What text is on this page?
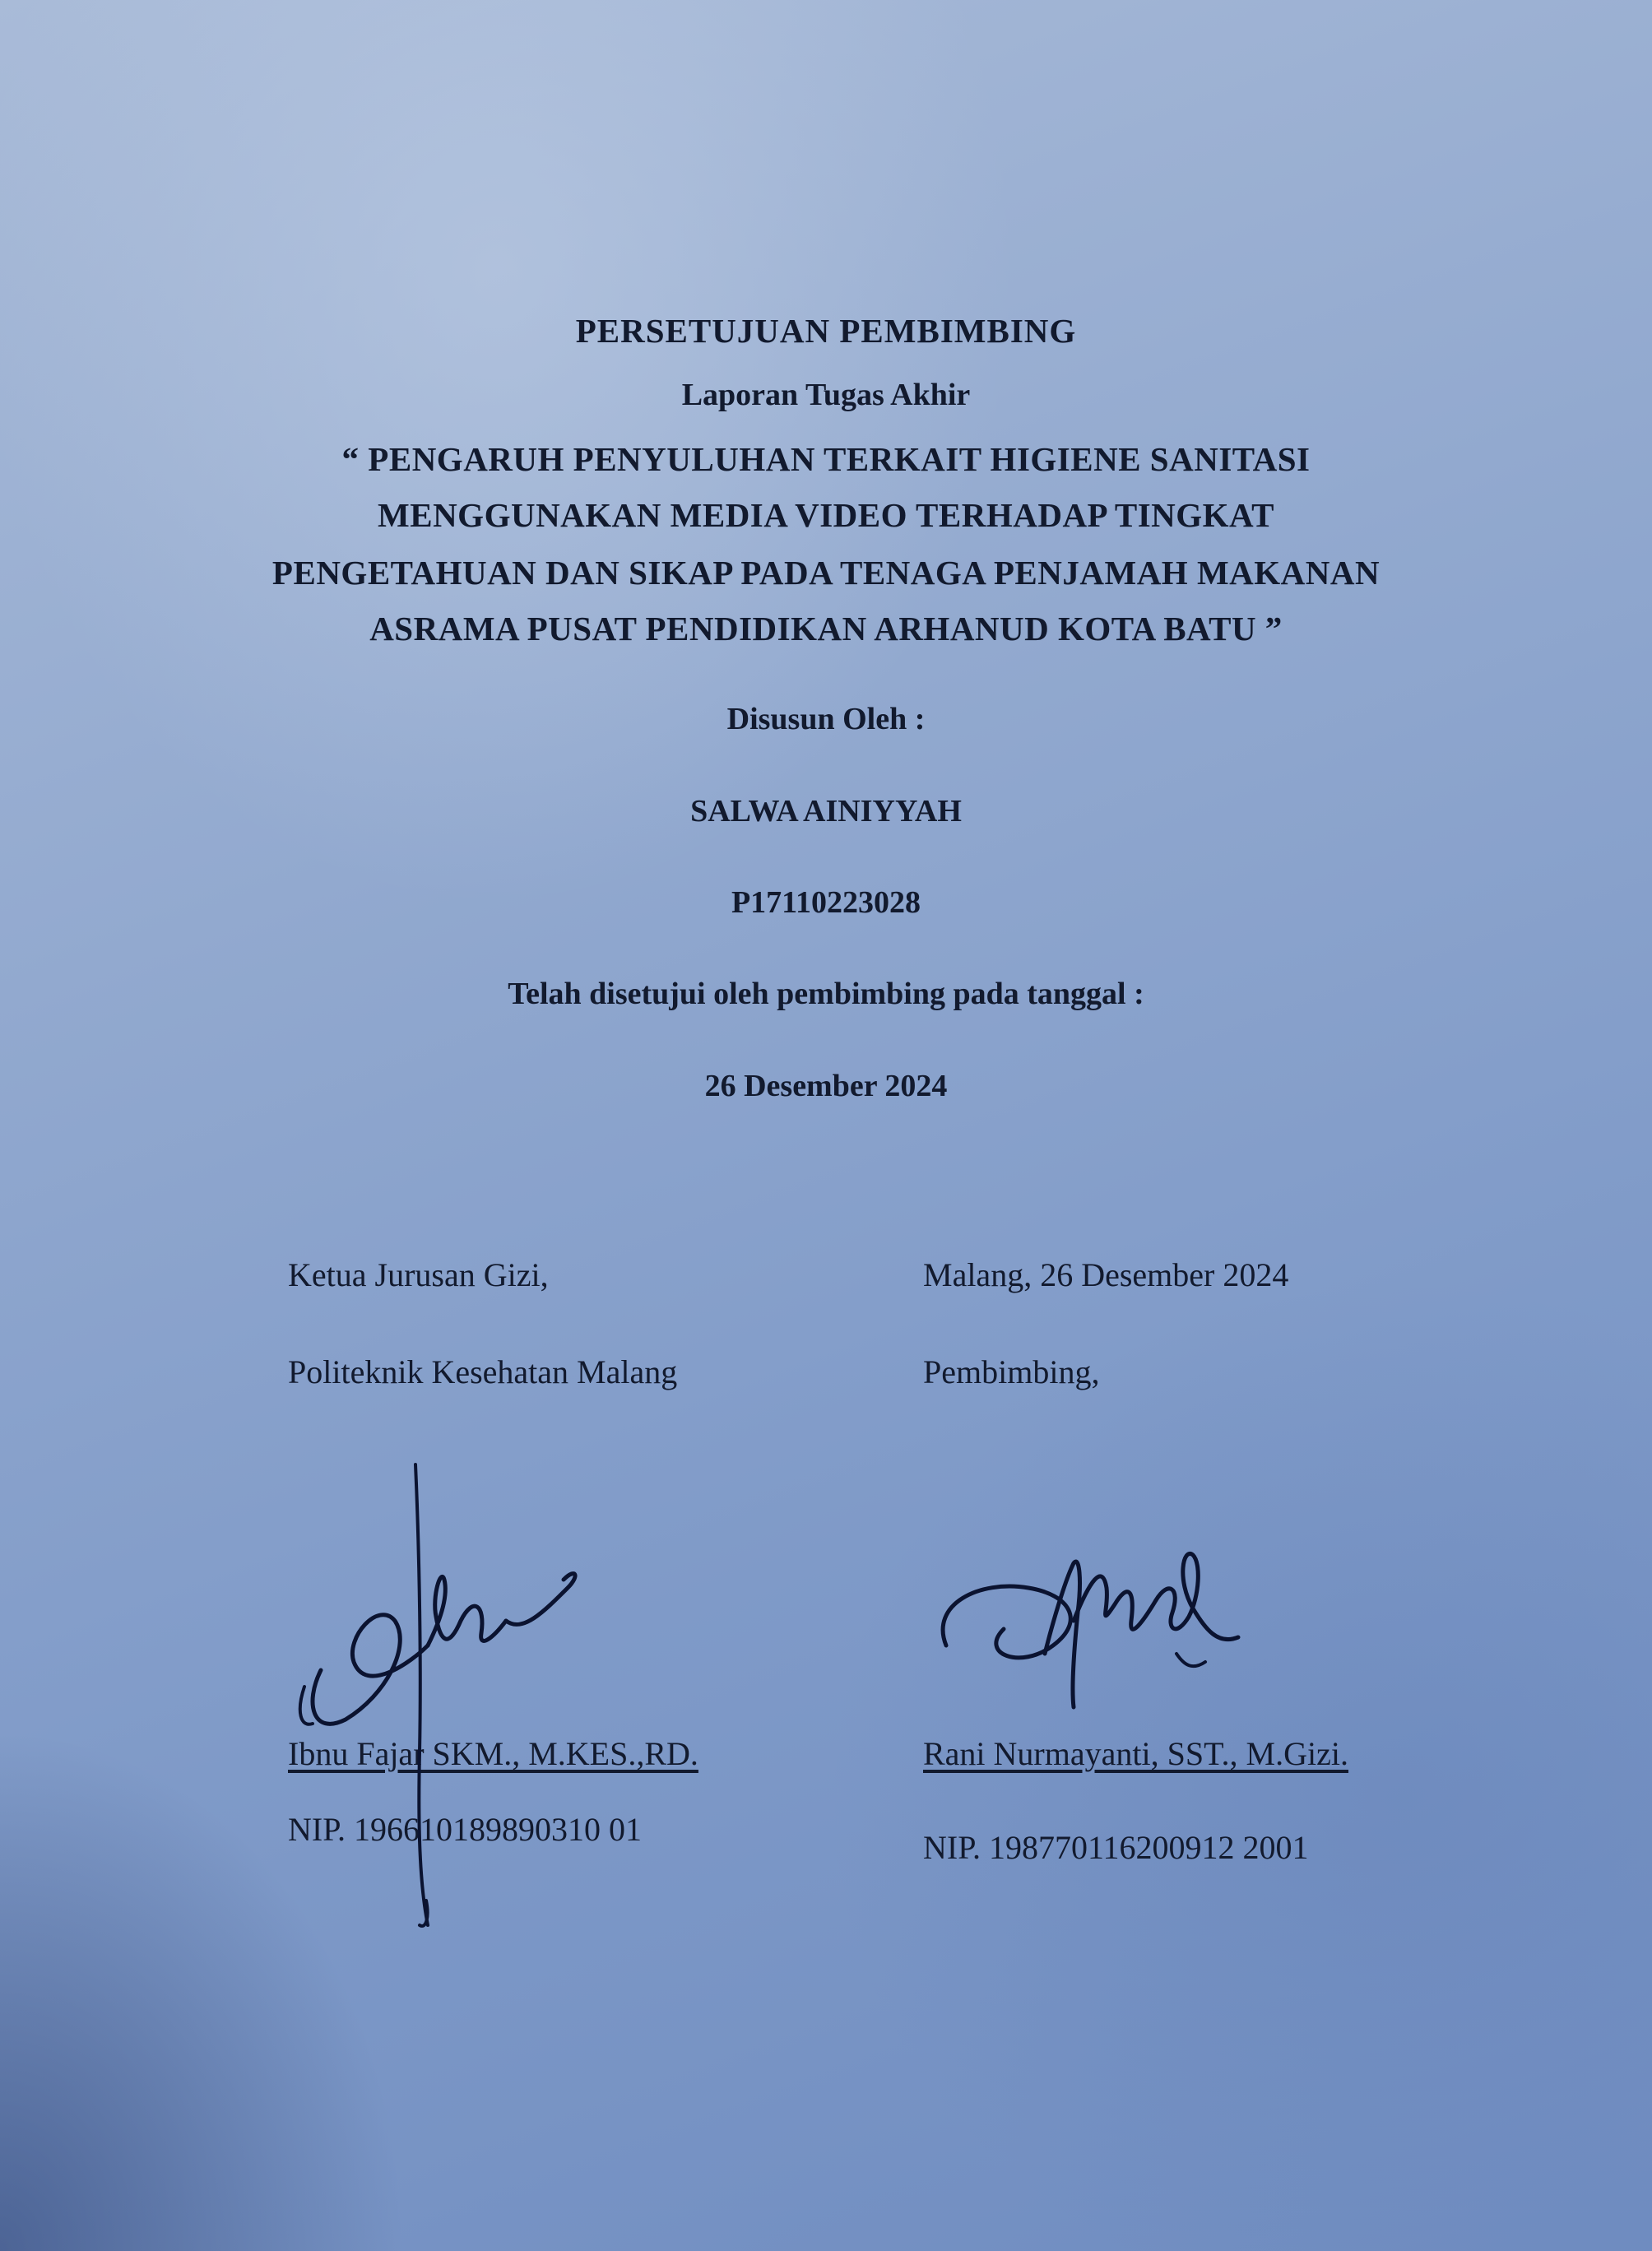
PERSETUJUAN PEMBIMBING
Laporan Tugas Akhir
“ PENGARUH PENYULUHAN TERKAIT HIGIENE SANITASI
MENGGUNAKAN MEDIA VIDEO TERHADAP TINGKAT
PENGETAHUAN DAN SIKAP PADA TENAGA PENJAMAH MAKANAN
ASRAMA PUSAT PENDIDIKAN ARHANUD KOTA BATU ”
Disusun Oleh :
SALWA AINIYYAH
P17110223028
Telah disetujui oleh pembimbing pada tanggal :
26 Desember 2024
Ketua Jurusan Gizi,
Politeknik Kesehatan Malang
Ibnu Fajar SKM., M.KES.,RD.
NIP. 196610189890310 01
Malang, 26 Desember 2024
Pembimbing,
Rani Nurmayanti, SST., M.Gizi.
NIP. 198770116200912 2001
